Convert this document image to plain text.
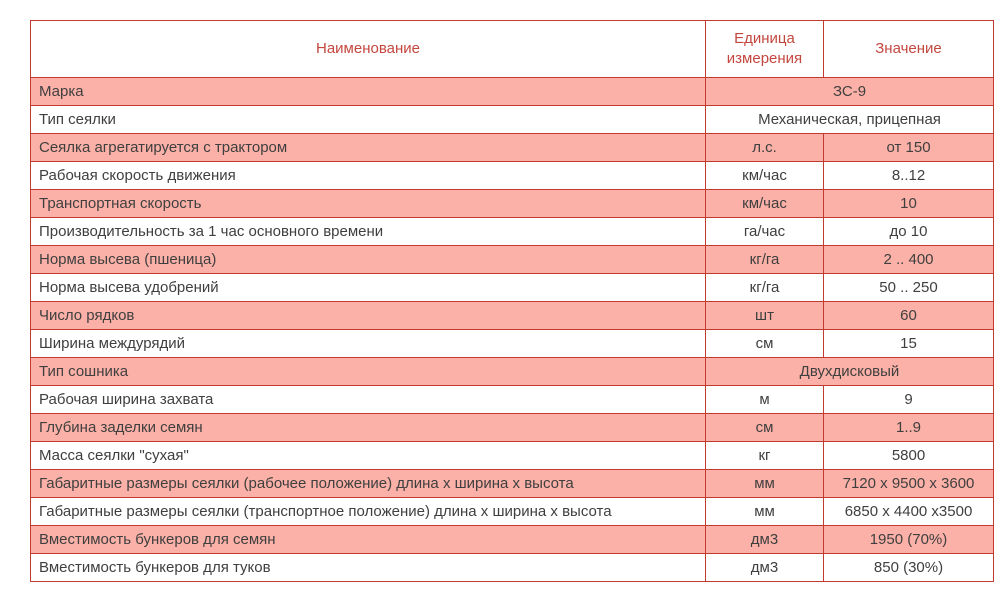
Наименование	Единица измерения	Значение
Марка	ЗС-9	
Тип сеялки	Механическая, прицепная	
Сеялка агрегатируется с трактором	л.с.	от 150
Рабочая скорость движения	км/час	8..12
Транспортная скорость	км/час	10
Производительность за 1 час основного времени	га/час	до 10
Норма высева (пшеница)	кг/га	2 .. 400
Норма высева удобрений	кг/га	50 .. 250
Число рядков	шт	60
Ширина междурядий	см	15
Тип сошника	Двухдисковый	
Рабочая ширина захвата	м	9
Глубина заделки семян	см	1..9
Масса сеялки "сухая"	кг	5800
Габаритные размеры сеялки (рабочее положение) длина х ширина х высота	мм	7120 х 9500 х 3600
Габаритные размеры сеялки (транспортное положение) длина х ширина х высота	мм	6850 х 4400 х3500
Вместимость бункеров для семян	дм3	1950 (70%)
Вместимость бункеров для туков	дм3	850 (30%)
